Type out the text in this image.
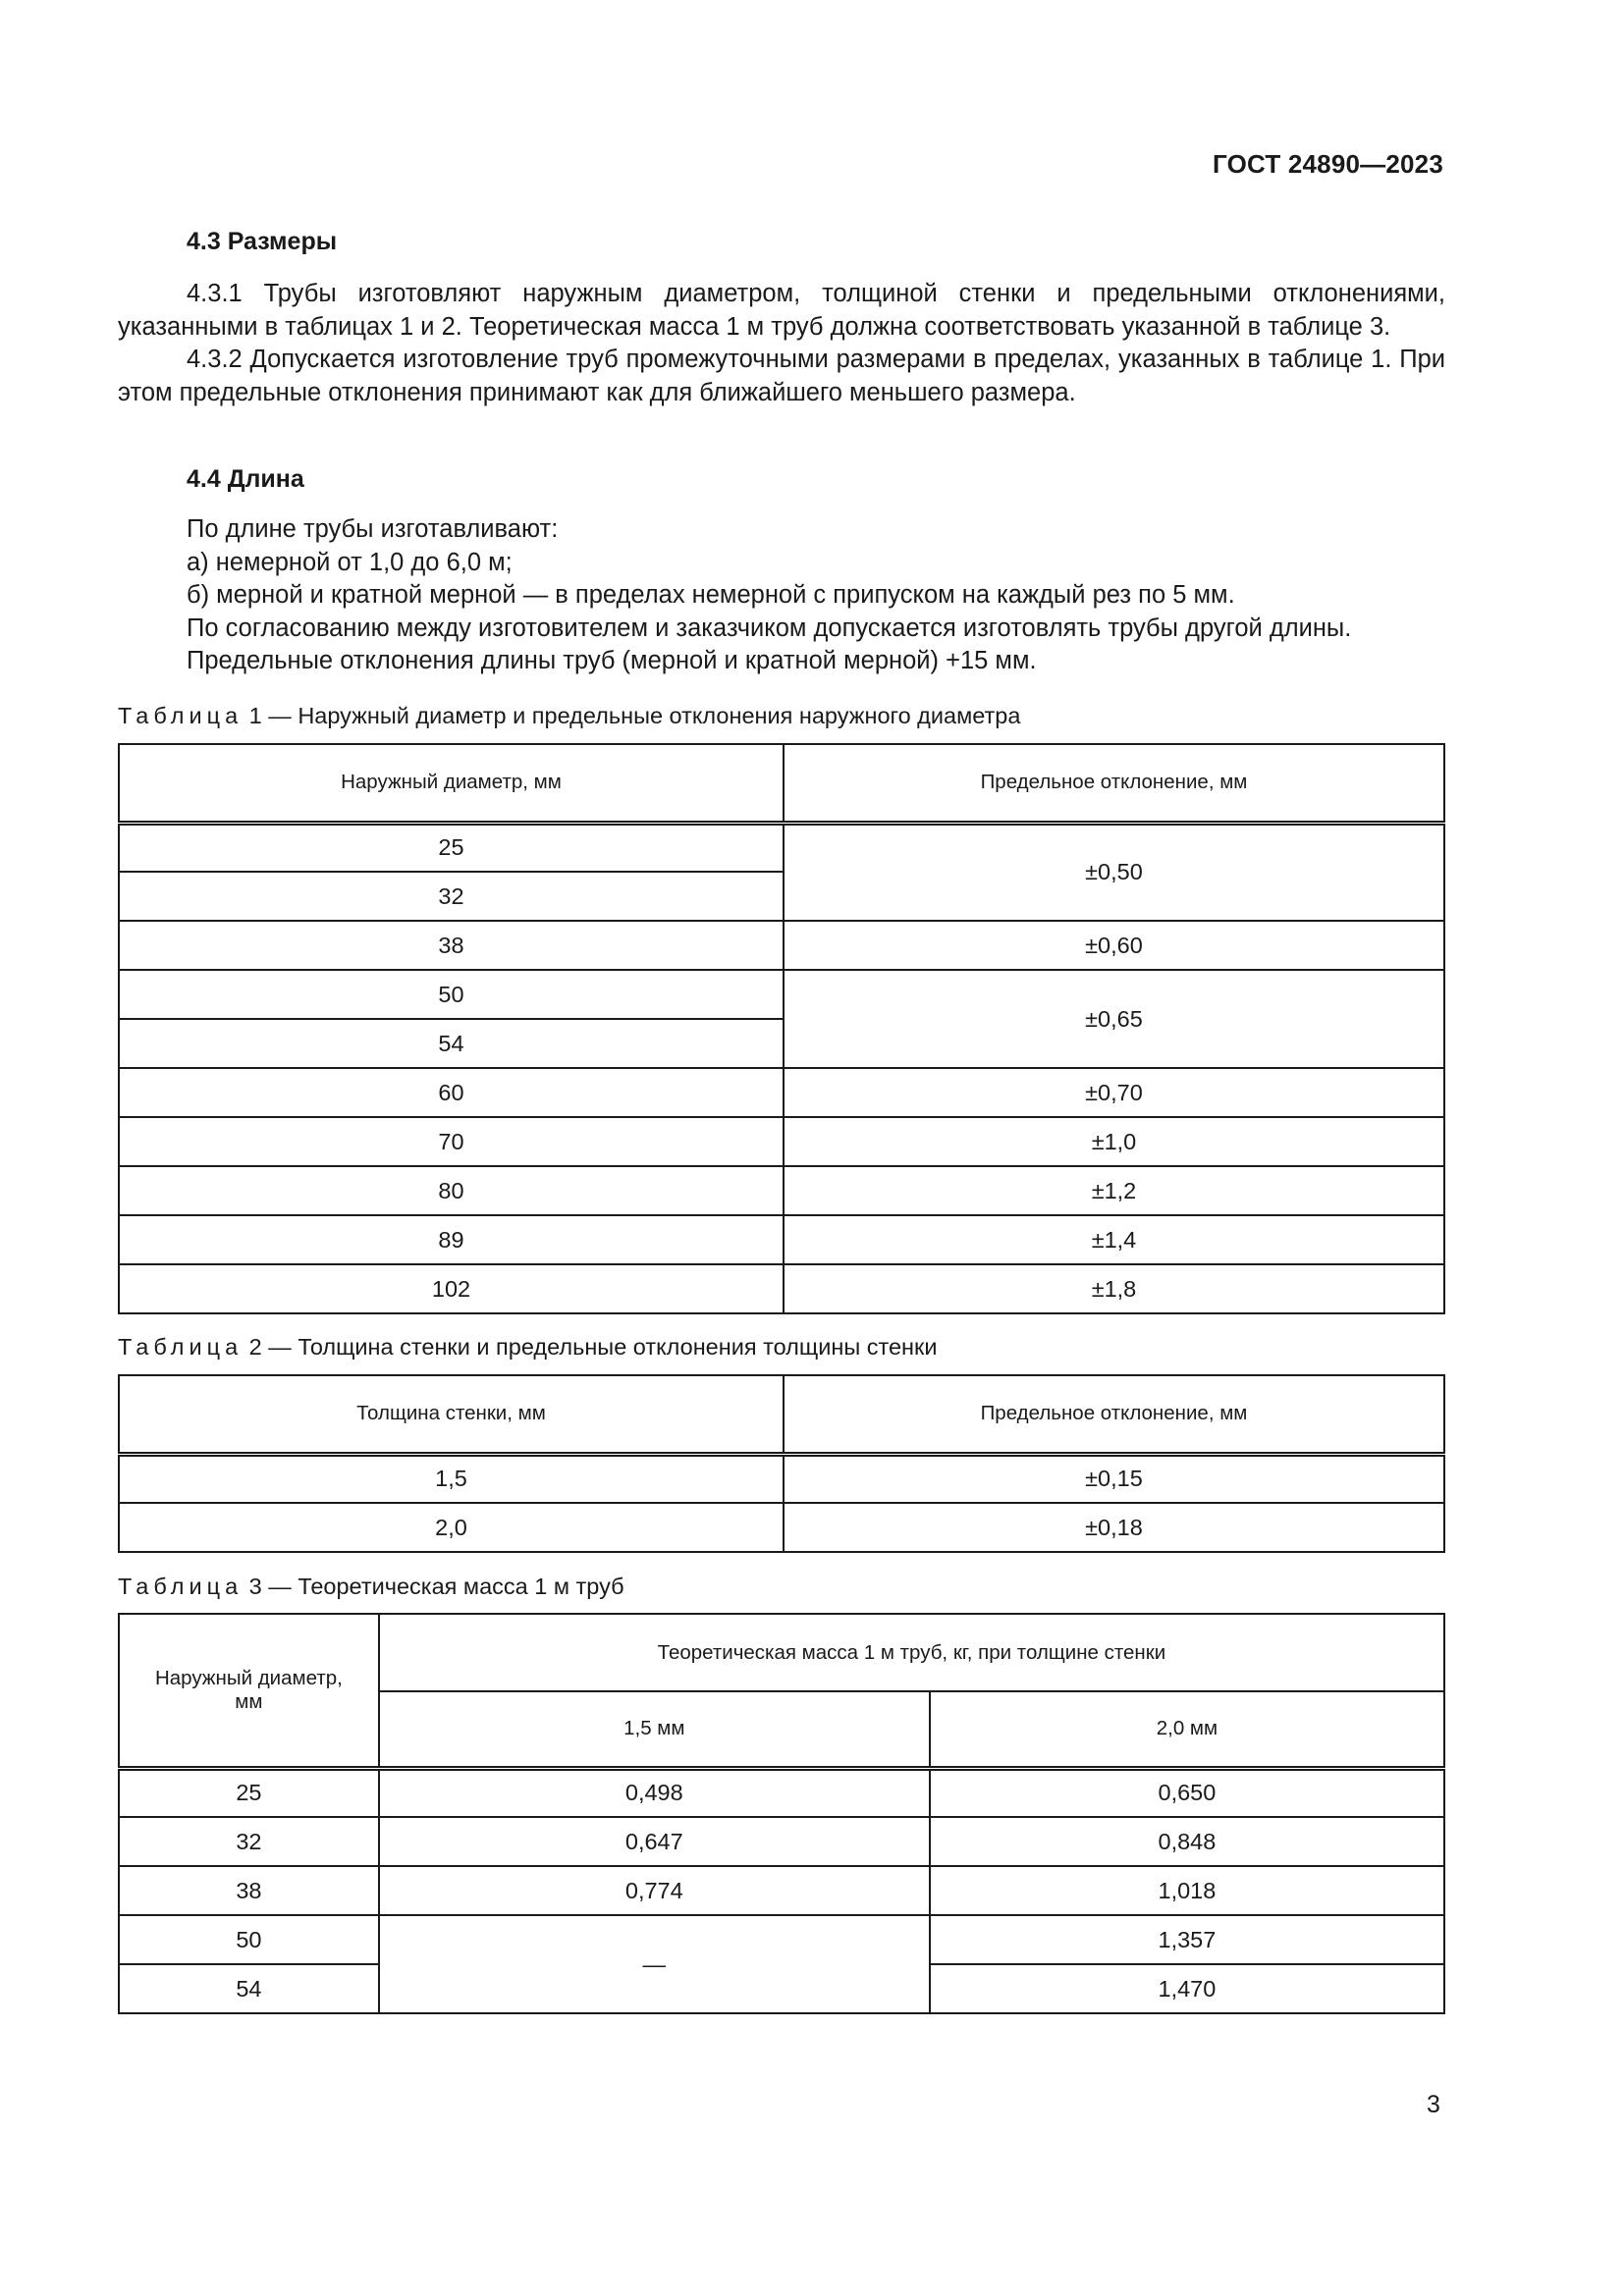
ГОСТ 24890—2023
4.3 Размеры

4.3.1 Трубы изготовляют наружным диаметром, толщиной стенки и предельными отклонениями, указанными в таблицах 1 и 2. Теоретическая масса 1 м труб должна соответствовать указанной в таблице 3.

4.3.2 Допускается изготовление труб промежуточными размерами в пределах, указанных в таблице 1. При этом предельные отклонения принимают как для ближайшего меньшего размера.

4.4 Длина

По длине трубы изготавливают:

а) немерной от 1,0 до 6,0 м;

б) мерной и кратной мерной — в пределах немерной с припуском на каждый рез по 5 мм.

По согласованию между изготовителем и заказчиком допускается изготовлять трубы другой длины.

Предельные отклонения длины труб (мерной и кратной мерной) +15 мм.

Таблица 1 — Наружный диаметр и предельные отклонения наружного диаметра
Наружный диаметр, мм	Предельное отклонение, мм
25	±0,50
32	
38	±0,60
50	±0,65
54	
60	±0,70
70	±1,0
80	±1,2
89	±1,4
102	±1,8
Таблица 2 — Толщина стенки и предельные отклонения толщины стенки
Толщина стенки, мм	Предельное отклонение, мм
1,5	±0,15
2,0	±0,18
Таблица 3 — Теоретическая масса 1 м труб
Наружный диаметр, мм	Теоретическая масса 1 м труб, кг, при толщине стенки	
	1,5 мм	2,0 мм
25	0,498	0,650
32	0,647	0,848
38	0,774	1,018
50	—	1,357
54		1,470
3
